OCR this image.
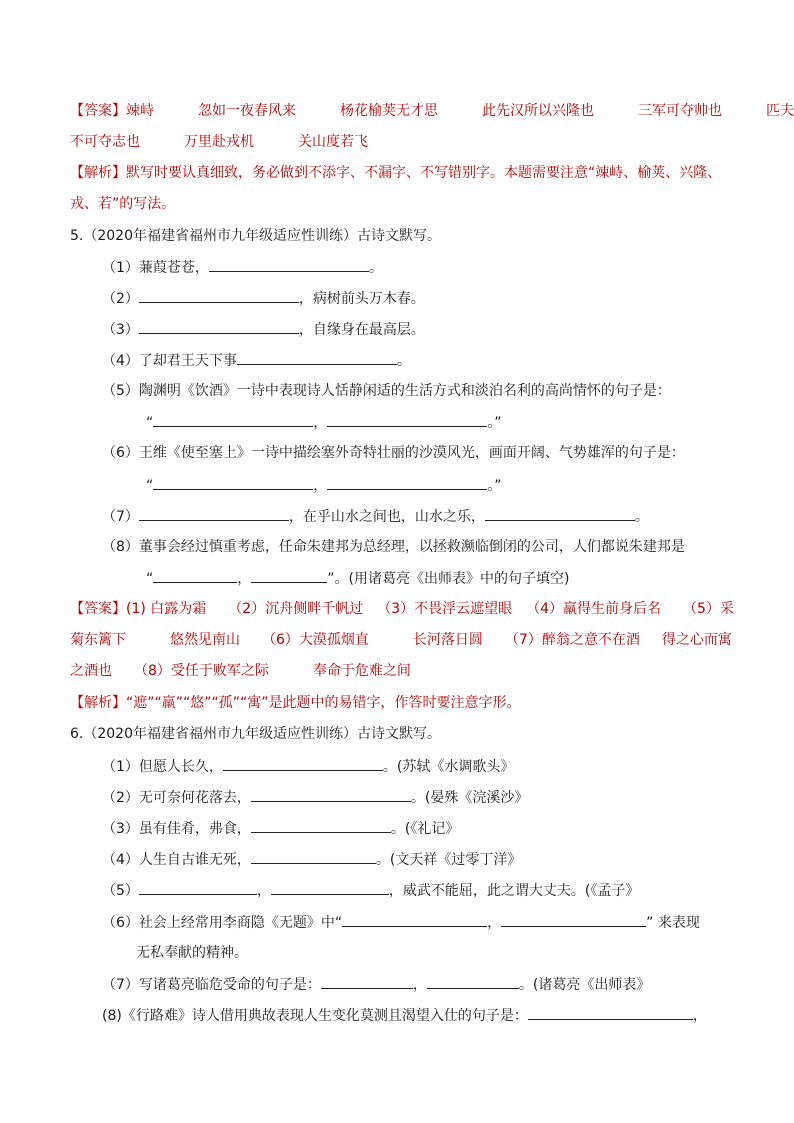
【答案】竦峙	忽如一夜春风来	杨花榆荚无才思	此先汉所以兴隆也	三军可夺帅也	匹夫
不可夺志也	万里赴戎机	关山度若飞
【解析】默写时要认真细致，务必做到不添字、不漏字、不写错别字。本题需要注意“竦峙、榆荚、兴隆、
戎、若”的写法。
5.（2020年福建省福州市九年级适应性训练）古诗文默写。
（1）蒹葭苍苍，	。
（2）	，病树前头万木春。
（3）	，自缘身在最高层。
（4）了却君王天下事	。
（5）陶渊明《饮酒》一诗中表现诗人恬静闲适的生活方式和淡泊名利的高尚情怀的句子是：
“	，	。”
（6）王维《使至塞上》一诗中描绘塞外奇特壮丽的沙漠风光，画面开阔、气势雄浑的句子是：
“	，	。”
（7）	，在乎山水之间也，山水之乐，	。
（8）董事会经过慎重考虑，任命朱建邦为总经理，以拯救濒临倒闭的公司，人们都说朱建邦是
“	，	”。(用诸葛亮《出师表》中的句子填空)
【答案】(1) 白露为霜 （2）沉舟侧畔千帆过 （3）不畏浮云遮望眼 （4）羸得生前身后名 （5）采
菊东篱下	悠然见南山 （6）大漠孤烟直	长河落日圆 （7）醉翁之意不在酒 得之心而寓
之酒也 （8）受任于败军之际	奉命于危难之间
【解析】“遮”“羸”“悠”“孤”“寓”是此题中的易错字，作答时要注意字形。
6.（2020年福建省福州市九年级适应性训练）古诗文默写。
（1）但愿人长久，	。(苏轼《水调歌头》
（2）无可奈何花落去，	。(晏殊《浣溪沙》
（3）虽有佳肴，弗食，	。(《礼记》
（4）人生自古谁无死，	。(文天祥《过零丁洋》
（5）	，	，威武不能屈，此之谓大丈夫。(《孟子》
（6）社会上经常用李商隐《无题》中“	，	” 来表现
无私奉献的精神。
（7）写诸葛亮临危受命的句子是：	，	。(诸葛亮《出师表》
(8)《行路难》诗人借用典故表现人生变化莫测且渴望入仕的句子是：	，
